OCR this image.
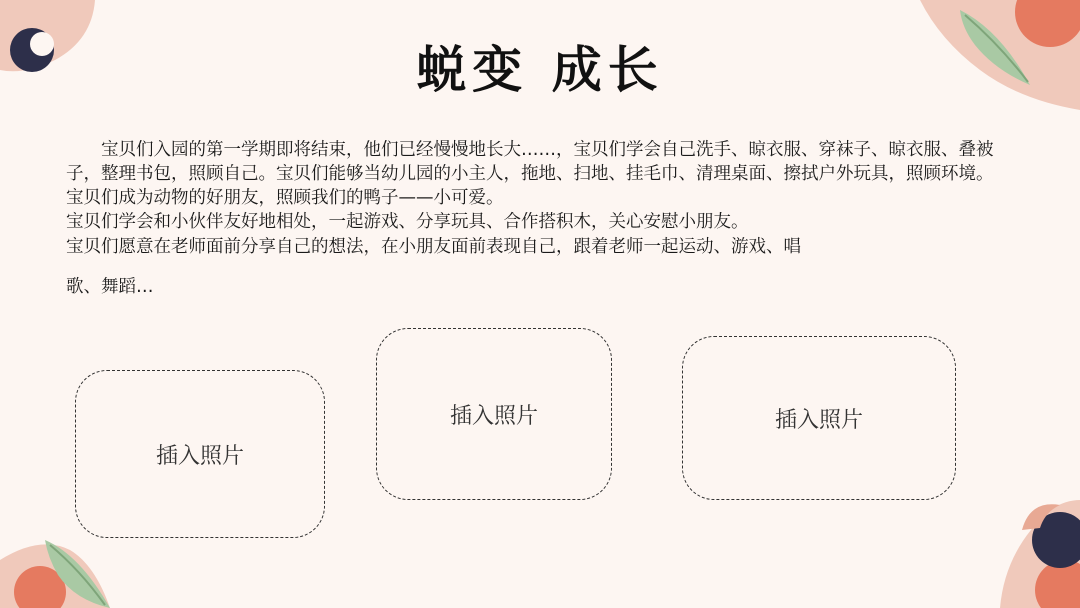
蜕变 成长

宝贝们入园的第一学期即将结束，他们已经慢慢地长大……，宝贝们学会自己洗手、晾衣服、穿袜子、晾衣服、叠被子，整理书包，照顾自己。宝贝们能够当幼儿园的小主人，拖地、扫地、挂毛巾、清理桌面、擦拭户外玩具，照顾环境。

宝贝们成为动物的好朋友，照顾我们的鸭子——小可爱。

宝贝们学会和小伙伴友好地相处，一起游戏、分享玩具、合作搭积木，关心安慰小朋友。

宝贝们愿意在老师面前分享自己的想法，在小朋友面前表现自己，跟着老师一起运动、游戏、唱

歌、舞蹈…

插入照片
插入照片	插入照片
